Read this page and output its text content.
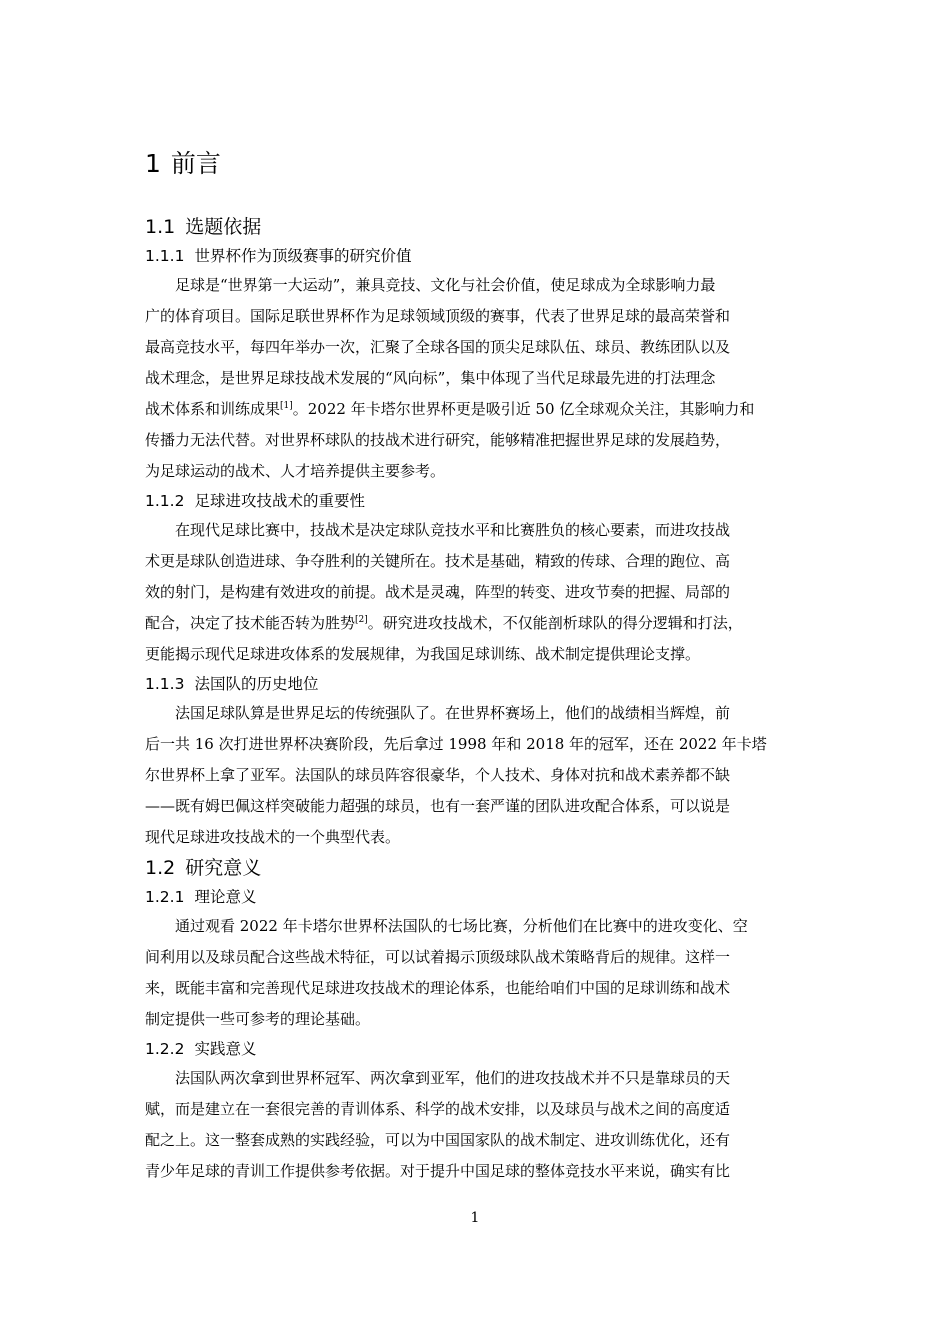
1 前言
1.1 选题依据
1.1.1 世界杯作为顶级赛事的研究价值
足球是“世界第一大运动”，兼具竞技、文化与社会价值，使足球成为全球影响力最
广的体育项目。国际足联世界杯作为足球领域顶级的赛事，代表了世界足球的最高荣誉和
最高竞技水平，每四年举办一次，汇聚了全球各国的顶尖足球队伍、球员、教练团队以及
战术理念，是世界足球技战术发展的“风向标”，集中体现了当代足球最先进的打法理念
战术体系和训练成果[1]。2022 年卡塔尔世界杯更是吸引近 50 亿全球观众关注，其影响力和
传播力无法代替。对世界杯球队的技战术进行研究，能够精准把握世界足球的发展趋势，
为足球运动的战术、人才培养提供主要参考。
1.1.2 足球进攻技战术的重要性
在现代足球比赛中，技战术是决定球队竞技水平和比赛胜负的核心要素，而进攻技战
术更是球队创造进球、争夺胜利的关键所在。技术是基础，精致的传球、合理的跑位、高
效的射门，是构建有效进攻的前提。战术是灵魂，阵型的转变、进攻节奏的把握、局部的
配合，决定了技术能否转为胜势[2]。研究进攻技战术，不仅能剖析球队的得分逻辑和打法，
更能揭示现代足球进攻体系的发展规律，为我国足球训练、战术制定提供理论支撑。
1.1.3 法国队的历史地位
法国足球队算是世界足坛的传统强队了。在世界杯赛场上，他们的战绩相当辉煌，前
后一共 16 次打进世界杯决赛阶段，先后拿过 1998 年和 2018 年的冠军，还在 2022 年卡塔
尔世界杯上拿了亚军。法国队的球员阵容很豪华，个人技术、身体对抗和战术素养都不缺
——既有姆巴佩这样突破能力超强的球员，也有一套严谨的团队进攻配合体系，可以说是
现代足球进攻技战术的一个典型代表。
1.2 研究意义
1.2.1 理论意义
通过观看 2022 年卡塔尔世界杯法国队的七场比赛，分析他们在比赛中的进攻变化、空
间利用以及球员配合这些战术特征，可以试着揭示顶级球队战术策略背后的规律。这样一
来，既能丰富和完善现代足球进攻技战术的理论体系，也能给咱们中国的足球训练和战术
制定提供一些可参考的理论基础。
1.2.2 实践意义
法国队两次拿到世界杯冠军、两次拿到亚军，他们的进攻技战术并不只是靠球员的天
赋，而是建立在一套很完善的青训体系、科学的战术安排，以及球员与战术之间的高度适
配之上。这一整套成熟的实践经验，可以为中国国家队的战术制定、进攻训练优化，还有
青少年足球的青训工作提供参考依据。对于提升中国足球的整体竞技水平来说，确实有比
1
